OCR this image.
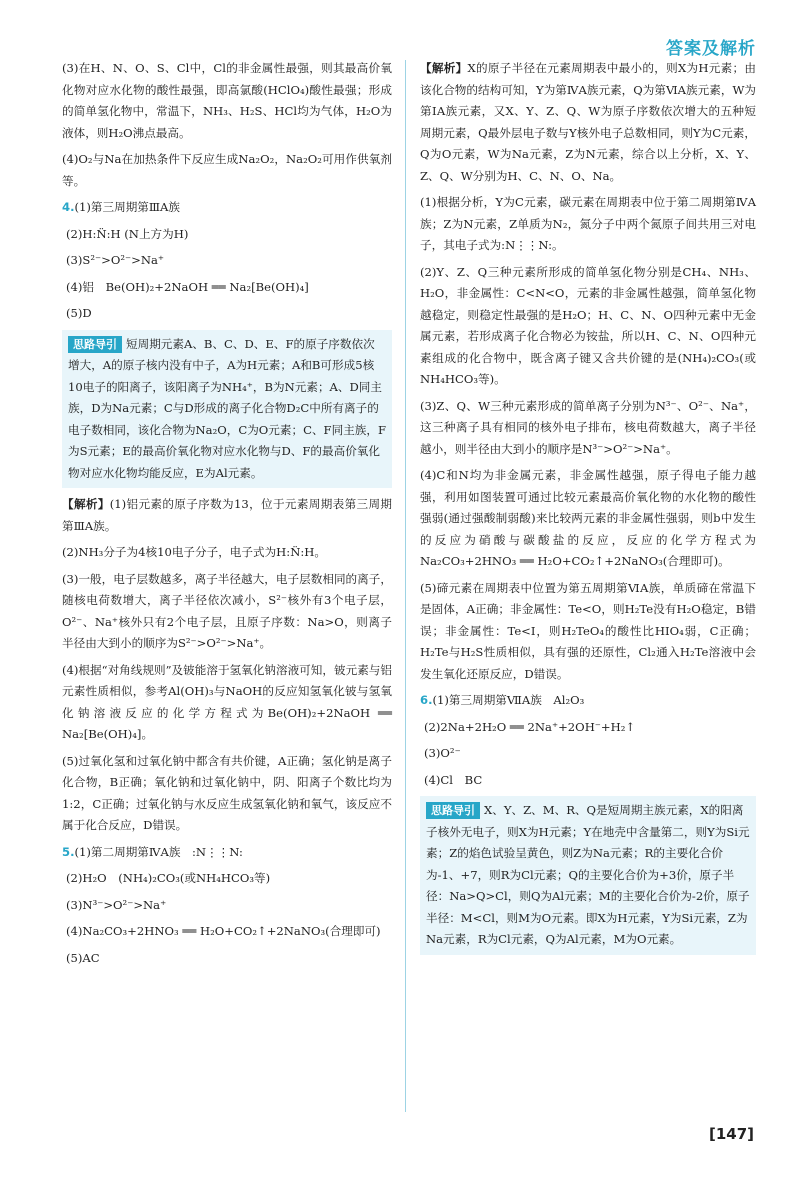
答案及解析

(3)在H、N、O、S、Cl中，Cl的非金属性最强，则其最高价氧化物对应水化物的酸性最强，即高氯酸(HClO₄)酸性最强；形成的简单氢化物中，常温下，NH₃、H₂S、HCl均为气体，H₂O为液体，则H₂O沸点最高。

(4)O₂与Na在加热条件下反应生成Na₂O₂，Na₂O₂可用作供氧剂等。

4.(1)第三周期第ⅢA族

(2)H:N̈:H (N上方为H)

(3)S²⁻>O²⁻>Na⁺

(4)铝　Be(OH)₂+2NaOH ══ Na₂[Be(OH)₄]

(5)D

思路导引 短周期元素A、B、C、D、E、F的原子序数依次增大，A的原子核内没有中子，A为H元素；A和B可形成5核10电子的阳离子，该阳离子为NH₄⁺，B为N元素；A、D同主族，D为Na元素；C与D形成的离子化合物D₂C中所有离子的电子数相同，该化合物为Na₂O，C为O元素；C、F同主族，F为S元素；E的最高价氧化物对应水化物与D、F的最高价氧化物对应水化物均能反应，E为Al元素。

【解析】(1)铝元素的原子序数为13，位于元素周期表第三周期第ⅢA族。

(2)NH₃分子为4核10电子分子，电子式为H:N̈:H。

(3)一般，电子层数越多，离子半径越大，电子层数相同的离子，随核电荷数增大，离子半径依次减小，S²⁻核外有3个电子层，O²⁻、Na⁺核外只有2个电子层，且原子序数：Na>O，则离子半径由大到小的顺序为S²⁻>O²⁻>Na⁺。

(4)根据“对角线规则”及铍能溶于氢氧化钠溶液可知，铍元素与铝元素性质相似，参考Al(OH)₃与NaOH的反应知氢氧化铍与氢氧化钠溶液反应的化学方程式为Be(OH)₂+2NaOH ══ Na₂[Be(OH)₄]。

(5)过氧化氢和过氧化钠中都含有共价键，A正确；氢化钠是离子化合物，B正确；氧化钠和过氧化钠中，阴、阳离子个数比均为1:2，C正确；过氧化钠与水反应生成氢氧化钠和氧气，该反应不属于化合反应，D错误。

5.(1)第二周期第ⅣA族　:N⋮⋮N:

(2)H₂O　(NH₄)₂CO₃(或NH₄HCO₃等)

(3)N³⁻>O²⁻>Na⁺

(4)Na₂CO₃+2HNO₃ ══ H₂O+CO₂↑+2NaNO₃(合理即可)

(5)AC

【解析】X的原子半径在元素周期表中最小的，则X为H元素；由该化合物的结构可知，Y为第ⅣA族元素，Q为第ⅥA族元素，W为第ⅠA族元素，又X、Y、Z、Q、W为原子序数依次增大的五种短周期元素，Q最外层电子数与Y核外电子总数相同，则Y为C元素，Q为O元素，W为Na元素，Z为N元素，综合以上分析，X、Y、Z、Q、W分别为H、C、N、O、Na。

(1)根据分析，Y为C元素，碳元素在周期表中位于第二周期第ⅣA族；Z为N元素，Z单质为N₂，氮分子中两个氮原子间共用三对电子，其电子式为:N⋮⋮N:。

(2)Y、Z、Q三种元素所形成的简单氢化物分别是CH₄、NH₃、H₂O，非金属性：C<N<O，元素的非金属性越强，简单氢化物越稳定，则稳定性最强的是H₂O；H、C、N、O四种元素中无金属元素，若形成离子化合物必为铵盐，所以H、C、N、O四种元素组成的化合物中，既含离子键又含共价键的是(NH₄)₂CO₃(或NH₄HCO₃等)。

(3)Z、Q、W三种元素形成的简单离子分别为N³⁻、O²⁻、Na⁺，这三种离子具有相同的核外电子排布，核电荷数越大，离子半径越小，则半径由大到小的顺序是N³⁻>O²⁻>Na⁺。

(4)C和N均为非金属元素，非金属性越强，原子得电子能力越强，利用如图装置可通过比较元素最高价氧化物的水化物的酸性强弱(通过强酸制弱酸)来比较两元素的非金属性强弱，则b中发生的反应为硝酸与碳酸盐的反应，反应的化学方程式为Na₂CO₃+2HNO₃ ══ H₂O+CO₂↑+2NaNO₃(合理即可)。

(5)碲元素在周期表中位置为第五周期第ⅥA族，单质碲在常温下是固体，A正确；非金属性：Te<O，则H₂Te没有H₂O稳定，B错误；非金属性：Te<I，则H₂TeO₄的酸性比HIO₄弱，C正确；H₂Te与H₂S性质相似，具有强的还原性，Cl₂通入H₂Te溶液中会发生氧化还原反应，D错误。

6.(1)第三周期第ⅦA族　Al₂O₃

(2)2Na+2H₂O ══ 2Na⁺+2OH⁻+H₂↑

(3)O²⁻

(4)Cl　BC

思路导引 X、Y、Z、M、R、Q是短周期主族元素，X的阳离子核外无电子，则X为H元素；Y在地壳中含量第二，则Y为Si元素；Z的焰色试验呈黄色，则Z为Na元素；R的主要化合价为-1、+7，则R为Cl元素；Q的主要化合价为+3价，原子半径：Na>Q>Cl，则Q为Al元素；M的主要化合价为-2价，原子半径：M<Cl，则M为O元素。即X为H元素，Y为Si元素，Z为Na元素，R为Cl元素，Q为Al元素，M为O元素。
[147]
